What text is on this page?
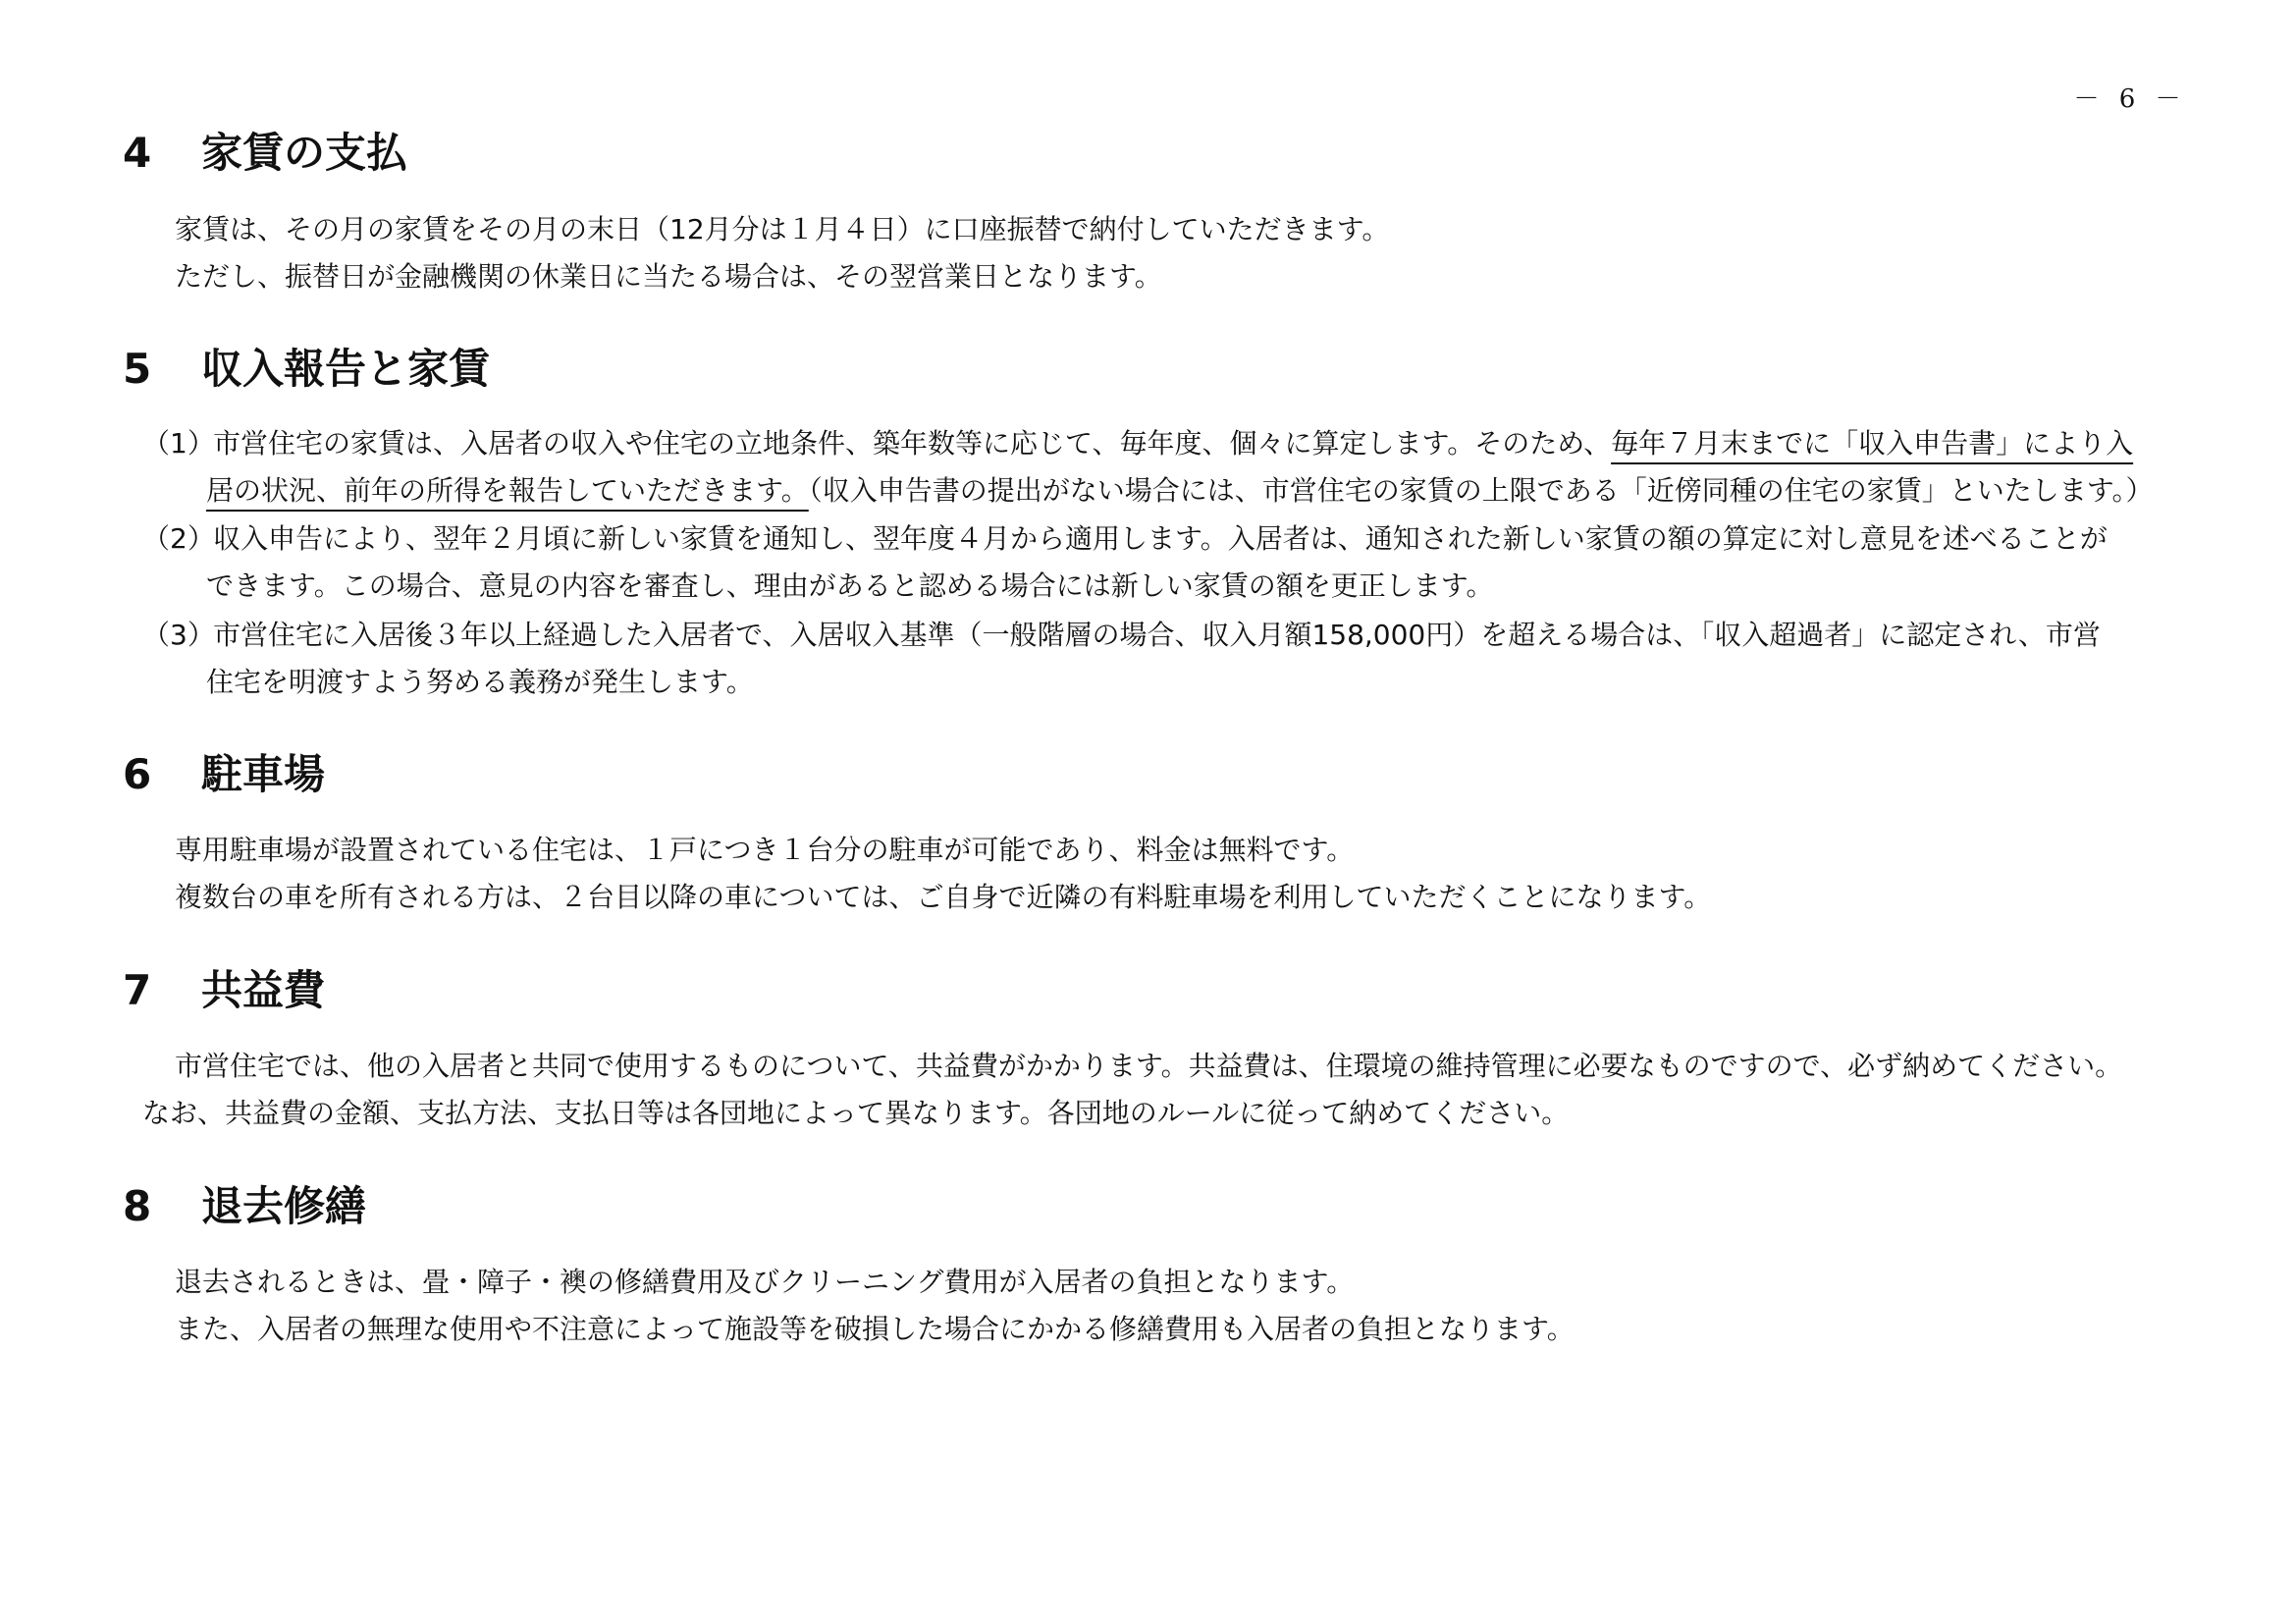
－ 6 －
4 家賃の支払
家賃は、その月の家賃をその月の末日（12月分は１月４日）に口座振替で納付していただきます。
ただし、振替日が金融機関の休業日に当たる場合は、その翌営業日となります。
5 収入報告と家賃
（1）市営住宅の家賃は、入居者の収入や住宅の立地条件、築年数等に応じて、毎年度、個々に算定します。そのため、毎年７月末までに「収入申告書」により入
居の状況、前年の所得を報告していただきます。（収入申告書の提出がない場合には、市営住宅の家賃の上限である「近傍同種の住宅の家賃」といたします。）
（2）収入申告により、翌年２月頃に新しい家賃を通知し、翌年度４月から適用します。入居者は、通知された新しい家賃の額の算定に対し意見を述べることが
できます。この場合、意見の内容を審査し、理由があると認める場合には新しい家賃の額を更正します。
（3）市営住宅に入居後３年以上経過した入居者で、入居収入基準（一般階層の場合、収入月額158,000円）を超える場合は、「収入超過者」に認定され、市営
住宅を明渡すよう努める義務が発生します。
6 駐車場
専用駐車場が設置されている住宅は、１戸につき１台分の駐車が可能であり、料金は無料です。
複数台の車を所有される方は、２台目以降の車については、ご自身で近隣の有料駐車場を利用していただくことになります。
7 共益費
市営住宅では、他の入居者と共同で使用するものについて、共益費がかかります。共益費は、住環境の維持管理に必要なものですので、必ず納めてください。
なお、共益費の金額、支払方法、支払日等は各団地によって異なります。各団地のルールに従って納めてください。
8 退去修繕
退去されるときは、畳・障子・襖の修繕費用及びクリーニング費用が入居者の負担となります。
また、入居者の無理な使用や不注意によって施設等を破損した場合にかかる修繕費用も入居者の負担となります。
